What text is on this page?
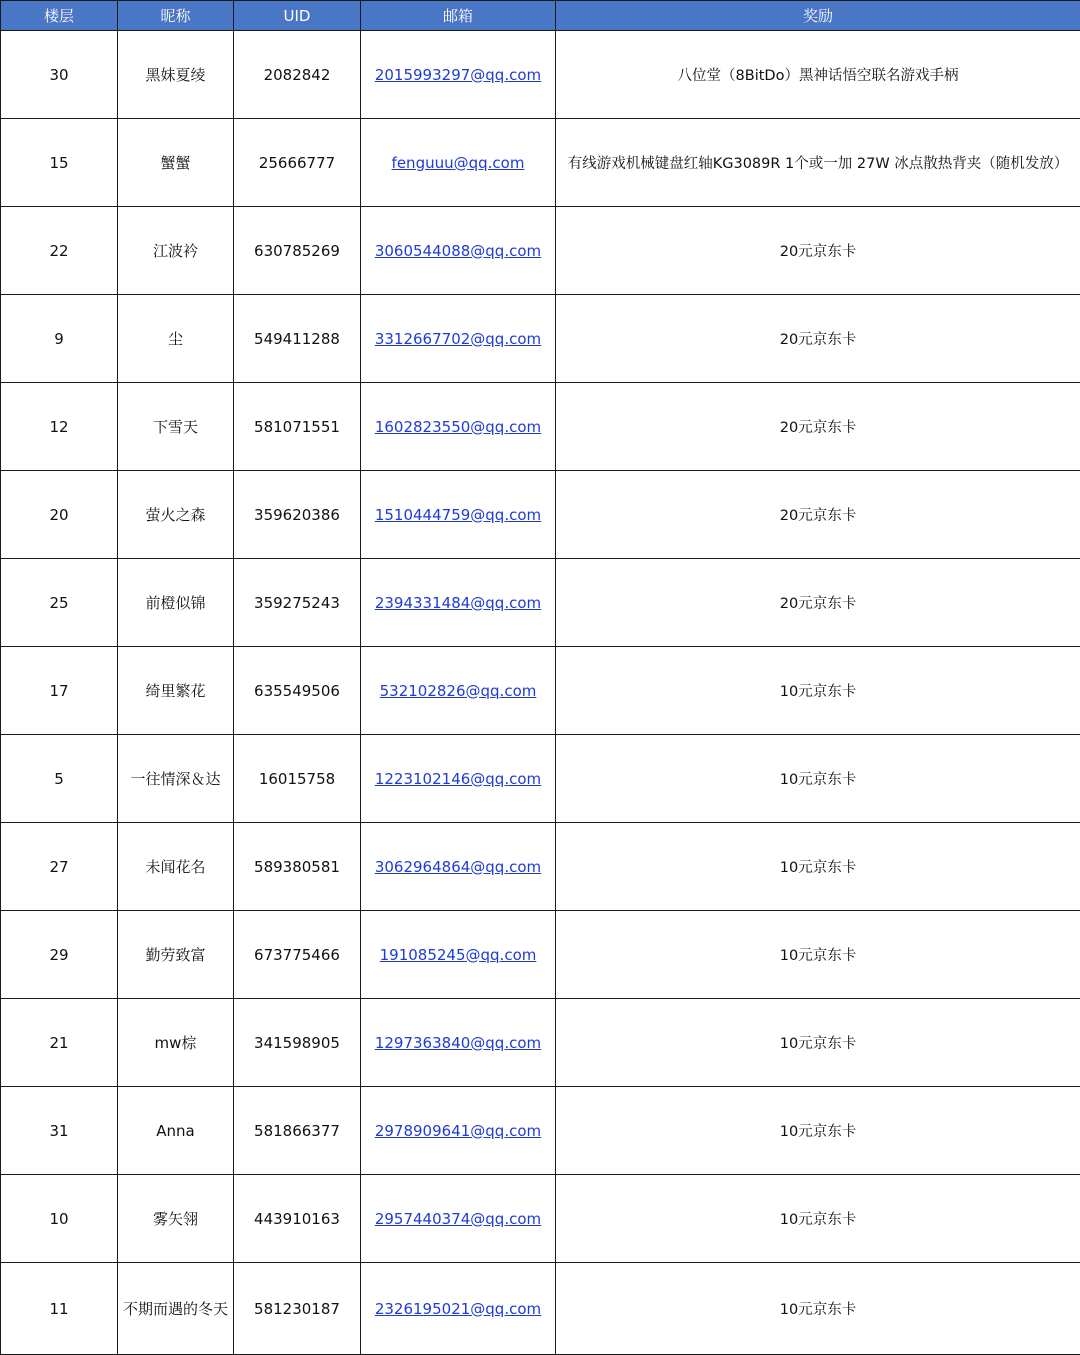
楼层	昵称	UID	邮箱	奖励
30	黑妹夏绫	2082842	2015993297@qq.com	八位堂（8BitDo）黑神话悟空联名游戏手柄
15	蟹蟹	25666777	fenguuu@qq.com	有线游戏机械键盘红轴KG3089R 1个或一加 27W 冰点散热背夹（随机发放）
22	江波衿	630785269	3060544088@qq.com	20元京东卡
9	尘	549411288	3312667702@qq.com	20元京东卡
12	下雪天	581071551	1602823550@qq.com	20元京东卡
20	萤火之森	359620386	1510444759@qq.com	20元京东卡
25	前橙似锦	359275243	2394331484@qq.com	20元京东卡
17	绮里繁花	635549506	532102826@qq.com	10元京东卡
5	一往情深＆达	16015758	1223102146@qq.com	10元京东卡
27	未闻花名	589380581	3062964864@qq.com	10元京东卡
29	勤劳致富	673775466	191085245@qq.com	10元京东卡
21	mw棕	341598905	1297363840@qq.com	10元京东卡
31	Anna	581866377	2978909641@qq.com	10元京东卡
10	雾矢翎	443910163	2957440374@qq.com	10元京东卡
11	不期而遇的冬天	581230187	2326195021@qq.com	10元京东卡
